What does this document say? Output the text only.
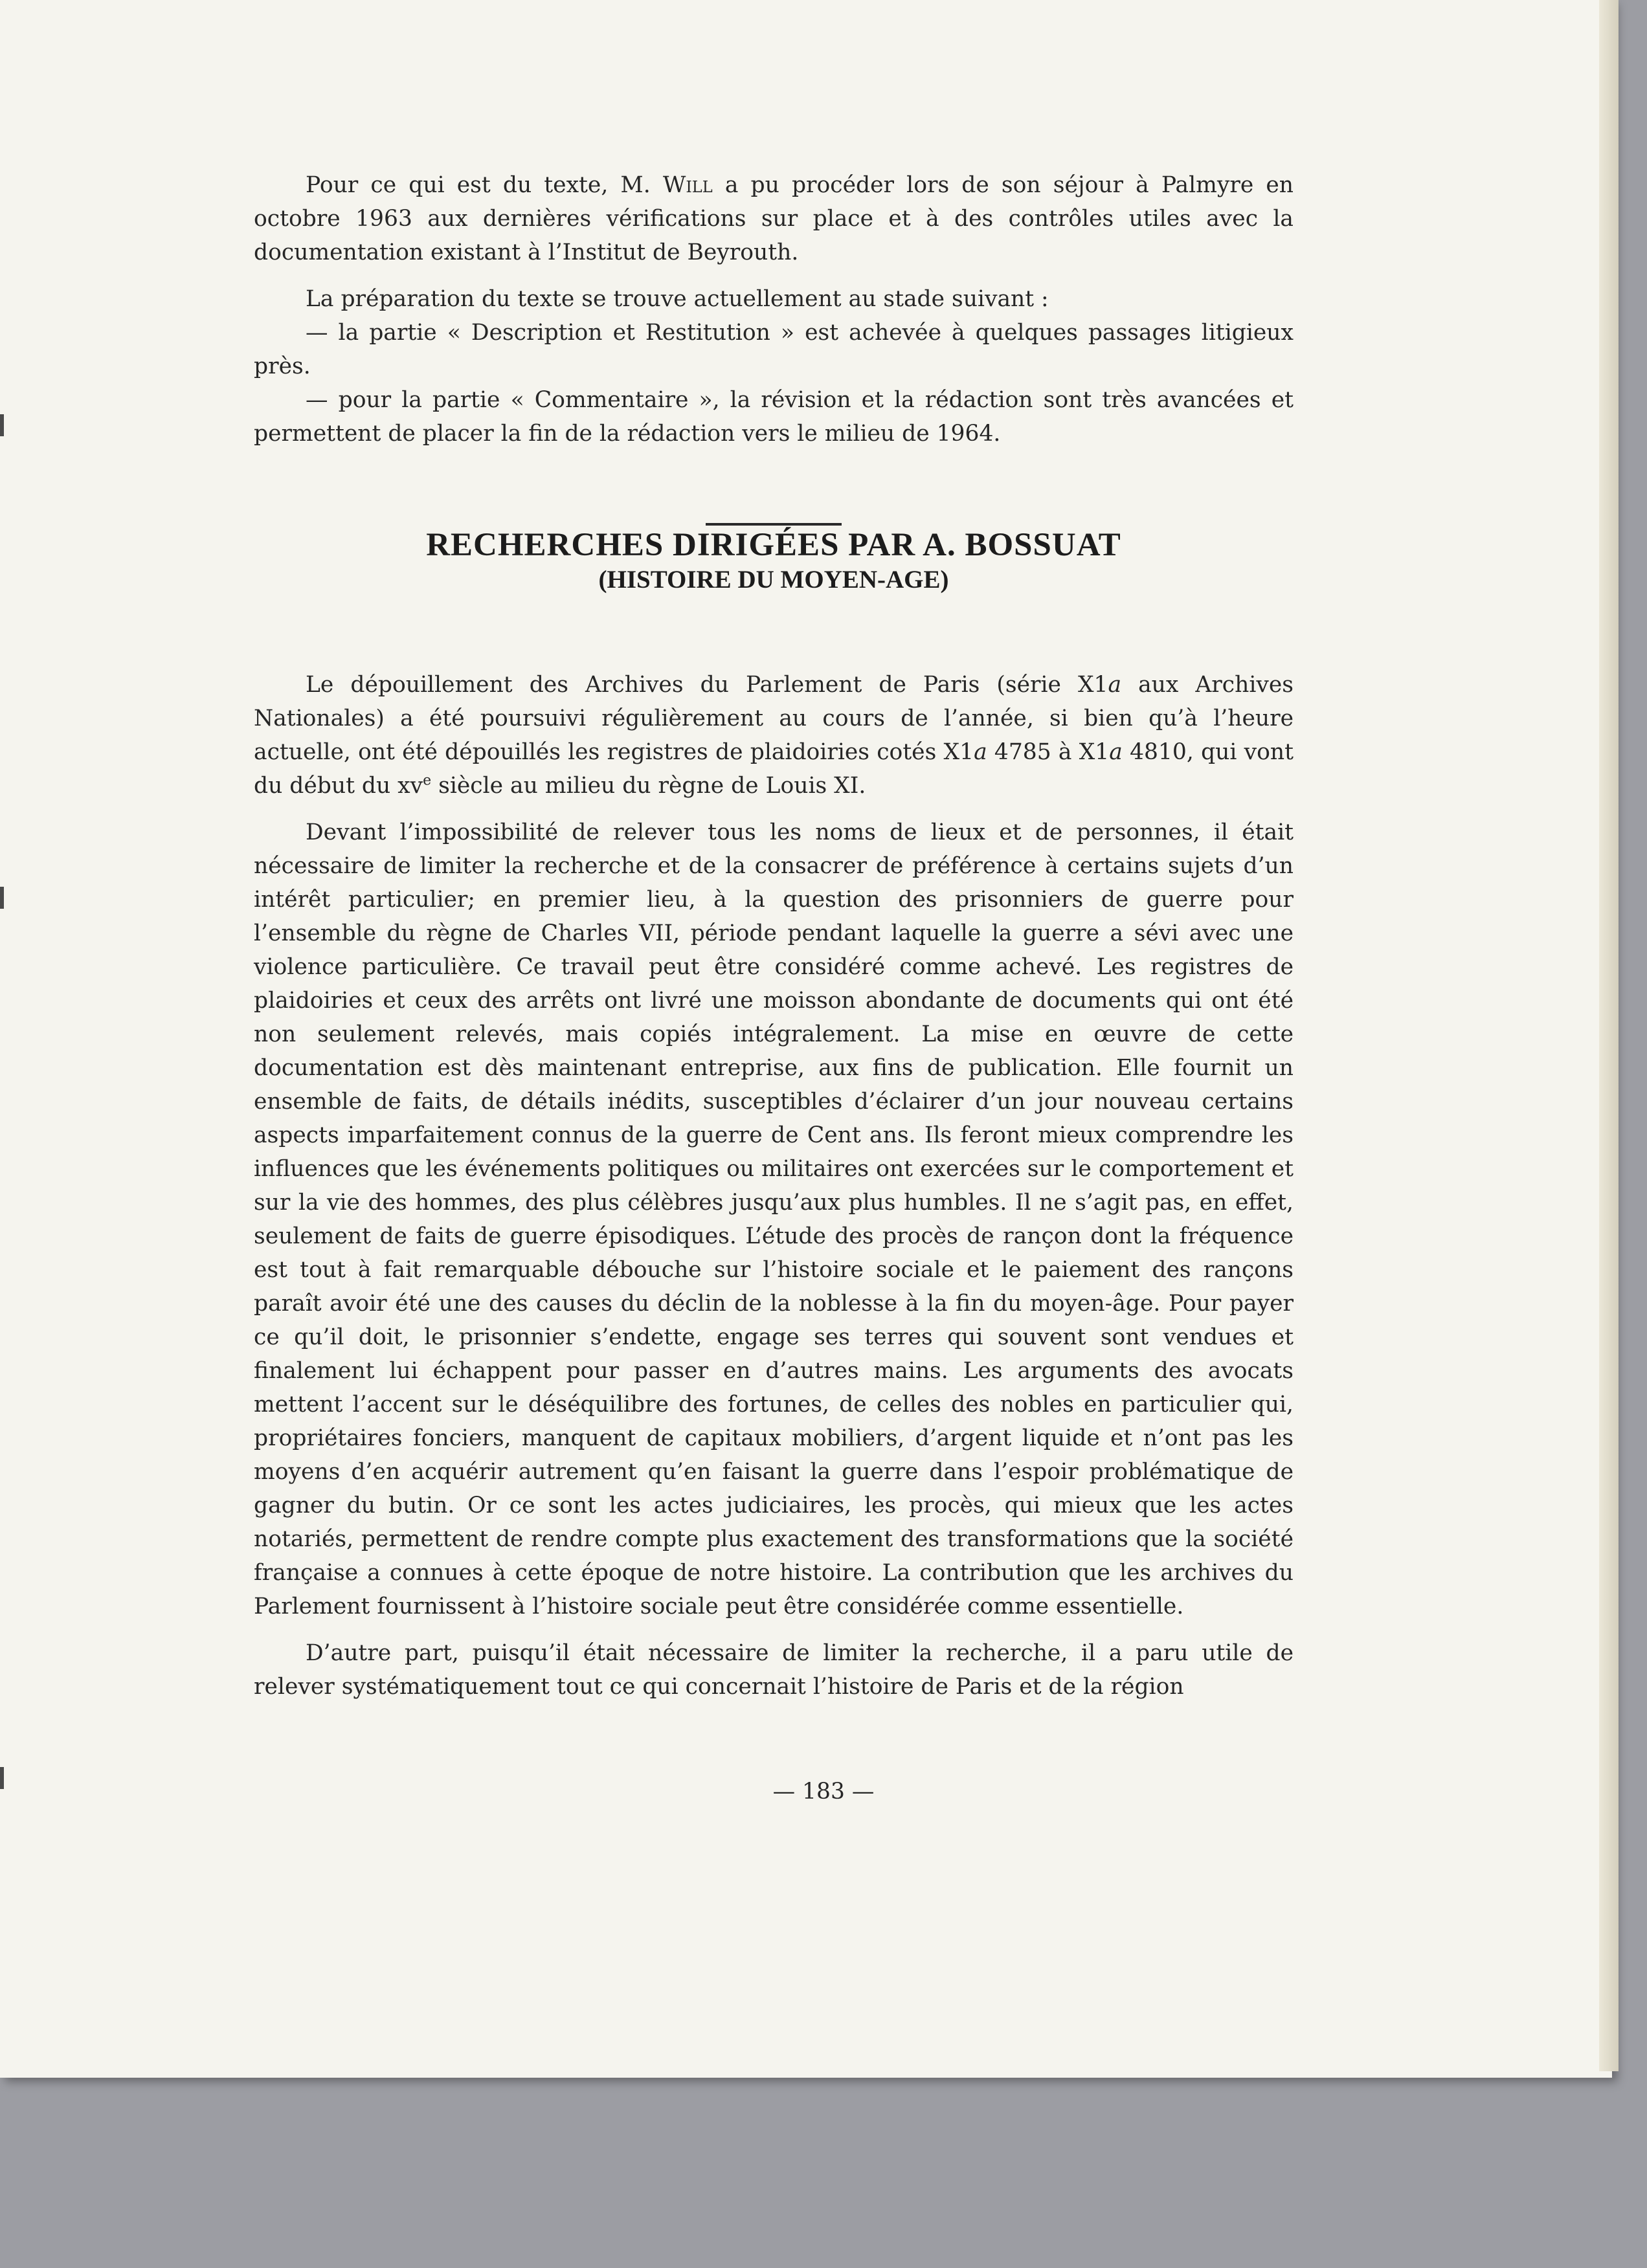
Pour ce qui est du texte, M. Will a pu procéder lors de son séjour à Palmyre en octobre 1963 aux dernières vérifications sur place et à des contrôles utiles avec la documentation existant à l’Institut de Beyrouth.

La préparation du texte se trouve actuellement au stade suivant :

— la partie « Description et Restitution » est achevée à quelques passages litigieux près.

— pour la partie « Commentaire », la révision et la rédaction sont très avancées et permettent de placer la fin de la rédaction vers le milieu de 1964.

RECHERCHES DIRIGÉES PAR A. BOSSUAT

(HISTOIRE DU MOYEN-AGE)

Le dépouillement des Archives du Parlement de Paris (série X1a aux Archives Nationales) a été poursuivi régulièrement au cours de l’année, si bien qu’à l’heure actuelle, ont été dépouillés les registres de plaidoiries cotés X1a 4785 à X1a 4810, qui vont du début du $xv^e$ siècle au milieu du règne de Louis XI.

Devant l’impossibilité de relever tous les noms de lieux et de personnes, il était nécessaire de limiter la recherche et de la consacrer de préférence à certains sujets d’un intérêt particulier; en premier lieu, à la question des prisonniers de guerre pour l’ensemble du règne de Charles VII, période pendant laquelle la guerre a sévi avec une violence particulière. Ce travail peut être considéré comme achevé. Les registres de plaidoiries et ceux des arrêts ont livré une moisson abondante de documents qui ont été non seulement relevés, mais copiés intégralement. La mise en œuvre de cette documentation est dès maintenant entreprise, aux fins de publication. Elle fournit un ensemble de faits, de détails inédits, susceptibles d’éclairer d’un jour nouveau certains aspects imparfaitement connus de la guerre de Cent ans. Ils feront mieux comprendre les influences que les événements politiques ou militaires ont exercées sur le comportement et sur la vie des hommes, des plus célèbres jusqu’aux plus humbles. Il ne s’agit pas, en effet, seulement de faits de guerre épisodiques. L’étude des procès de rançon dont la fréquence est tout à fait remarquable débouche sur l’histoire sociale et le paiement des rançons paraît avoir été une des causes du déclin de la noblesse à la fin du moyen-âge. Pour payer ce qu’il doit, le prisonnier s’endette, engage ses terres qui souvent sont vendues et finalement lui échappent pour passer en d’autres mains. Les arguments des avocats mettent l’accent sur le déséquilibre des fortunes, de celles des nobles en particulier qui, propriétaires fonciers, manquent de capitaux mobiliers, d’argent liquide et n’ont pas les moyens d’en acquérir autrement qu’en faisant la guerre dans l’espoir problématique de gagner du butin. Or ce sont les actes judiciaires, les procès, qui mieux que les actes notariés, permettent de rendre compte plus exactement des transformations que la société française a connues à cette époque de notre histoire. La contribution que les archives du Parlement fournissent à l’histoire sociale peut être considérée comme essentielle.

D’autre part, puisqu’il était nécessaire de limiter la recherche, il a paru utile de relever systématiquement tout ce qui concernait l’histoire de Paris et de la région

— 183 —
